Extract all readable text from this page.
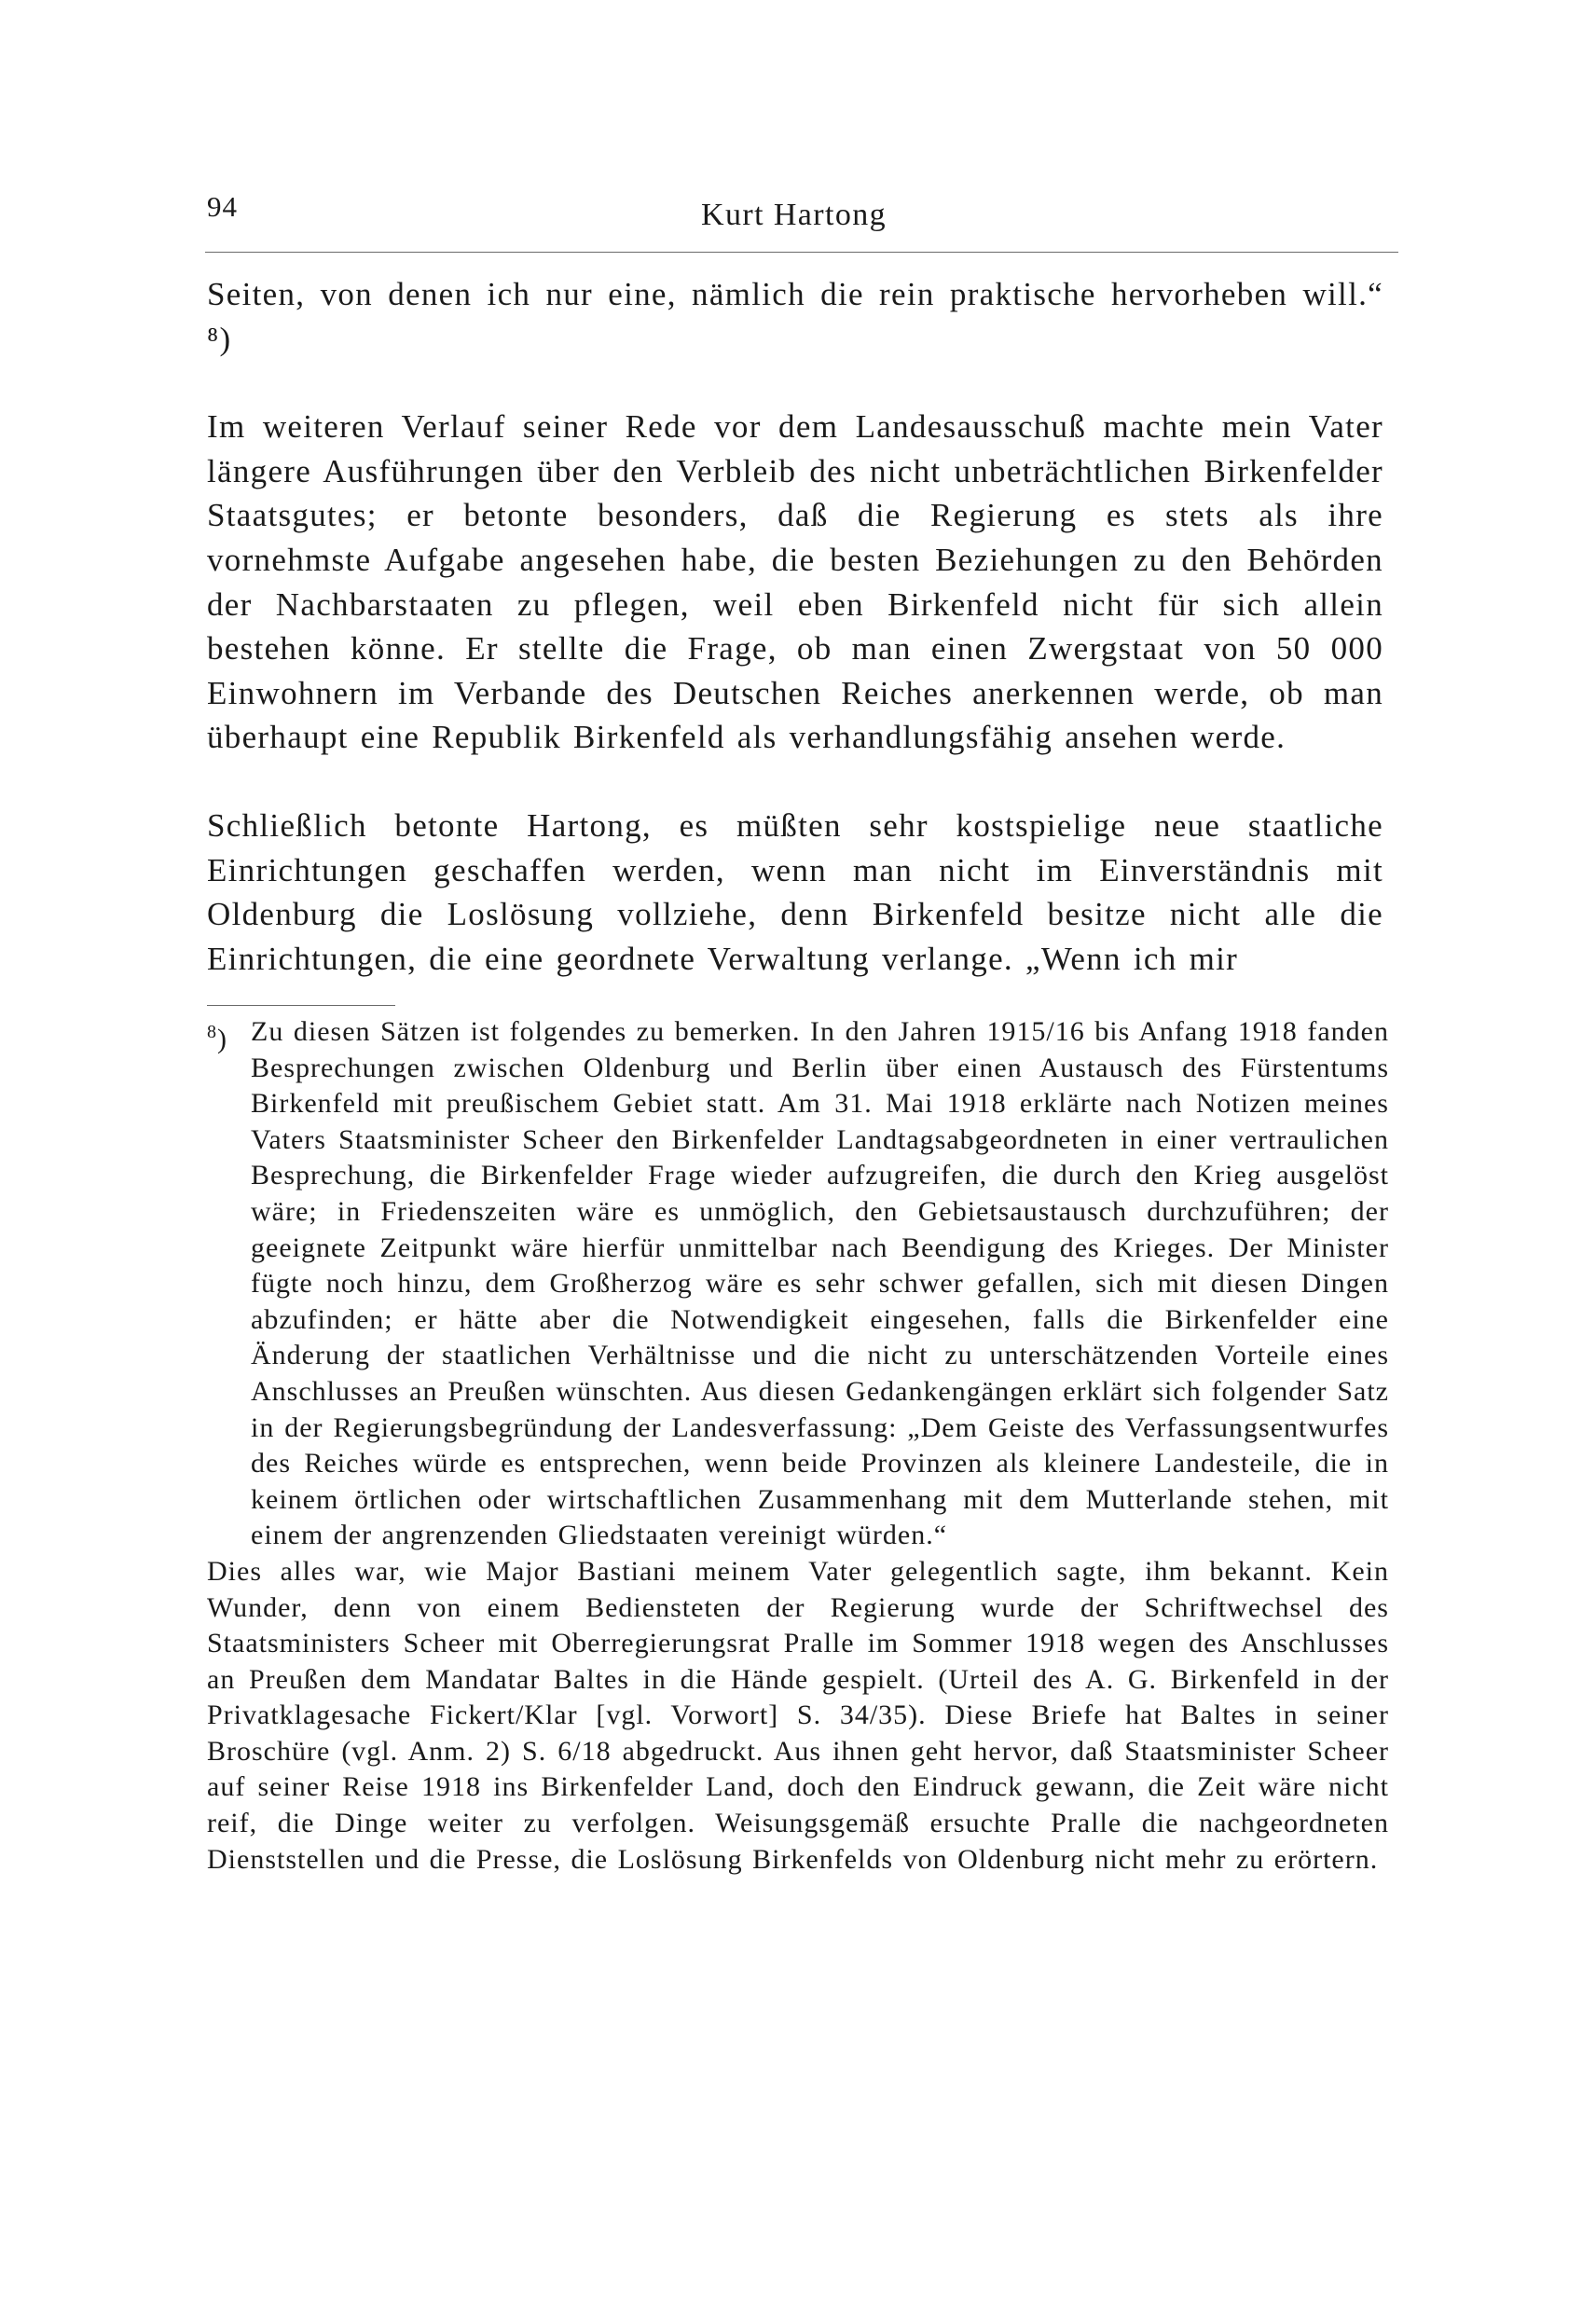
94	Kurt Hartong

Seiten, von denen ich nur eine, nämlich die rein praktische hervorheben will.“ ⁸)

Im weiteren Verlauf seiner Rede vor dem Landesausschuß machte mein Vater längere Ausführungen über den Verbleib des nicht unbeträchtlichen Birkenfelder Staatsgutes; er betonte besonders, daß die Regierung es stets als ihre vornehmste Aufgabe angesehen habe, die besten Beziehungen zu den Behörden der Nachbarstaaten zu pflegen, weil eben Birkenfeld nicht für sich allein bestehen könne. Er stellte die Frage, ob man einen Zwergstaat von 50 000 Einwohnern im Verbande des Deutschen Reiches anerkennen werde, ob man überhaupt eine Republik Birkenfeld als verhandlungsfähig ansehen werde.

Schließlich betonte Hartong, es müßten sehr kostspielige neue staatliche Einrichtungen geschaffen werden, wenn man nicht im Einverständnis mit Oldenburg die Loslösung vollziehe, denn Birkenfeld besitze nicht alle die Einrichtungen, die eine geordnete Verwaltung verlange. „Wenn ich mir

$^8$) Zu diesen Sätzen ist folgendes zu bemerken. In den Jahren 1915/16 bis Anfang 1918 fanden Besprechungen zwischen Oldenburg und Berlin über einen Austausch des Fürstentums Birkenfeld mit preußischem Gebiet statt. Am 31. Mai 1918 erklärte nach Notizen meines Vaters Staatsminister Scheer den Birkenfelder Landtagsabgeordneten in einer vertraulichen Besprechung, die Birkenfelder Frage wieder aufzugreifen, die durch den Krieg ausgelöst wäre; in Friedenszeiten wäre es unmöglich, den Gebietsaustausch durchzuführen; der geeignete Zeitpunkt wäre hierfür unmittelbar nach Beendigung des Krieges. Der Minister fügte noch hinzu, dem Großherzog wäre es sehr schwer gefallen, sich mit diesen Dingen abzufinden; er hätte aber die Notwendigkeit eingesehen, falls die Birkenfelder eine Änderung der staatlichen Verhältnisse und die nicht zu unterschätzenden Vorteile eines Anschlusses an Preußen wünschten. Aus diesen Gedankengängen erklärt sich folgender Satz in der Regierungsbegründung der Landesverfassung: „Dem Geiste des Verfassungsentwurfes des Reiches würde es entsprechen, wenn beide Provinzen als kleinere Landesteile, die in keinem örtlichen oder wirtschaftlichen Zusammenhang mit dem Mutterlande stehen, mit einem der angrenzenden Gliedstaaten vereinigt würden.“

Dies alles war, wie Major Bastiani meinem Vater gelegentlich sagte, ihm bekannt. Kein Wunder, denn von einem Bediensteten der Regierung wurde der Schriftwechsel des Staatsministers Scheer mit Oberregierungsrat Pralle im Sommer 1918 wegen des Anschlusses an Preußen dem Mandatar Baltes in die Hände gespielt. (Urteil des A. G. Birkenfeld in der Privatklagesache Fickert/Klar [vgl. Vorwort] S. 34/35). Diese Briefe hat Baltes in seiner Broschüre (vgl. Anm. 2) S. 6/18 abgedruckt. Aus ihnen geht hervor, daß Staatsminister Scheer auf seiner Reise 1918 ins Birkenfelder Land, doch den Eindruck gewann, die Zeit wäre nicht reif, die Dinge weiter zu verfolgen. Weisungsgemäß ersuchte Pralle die nachgeordneten Dienststellen und die Presse, die Loslösung Birkenfelds von Oldenburg nicht mehr zu erörtern.
